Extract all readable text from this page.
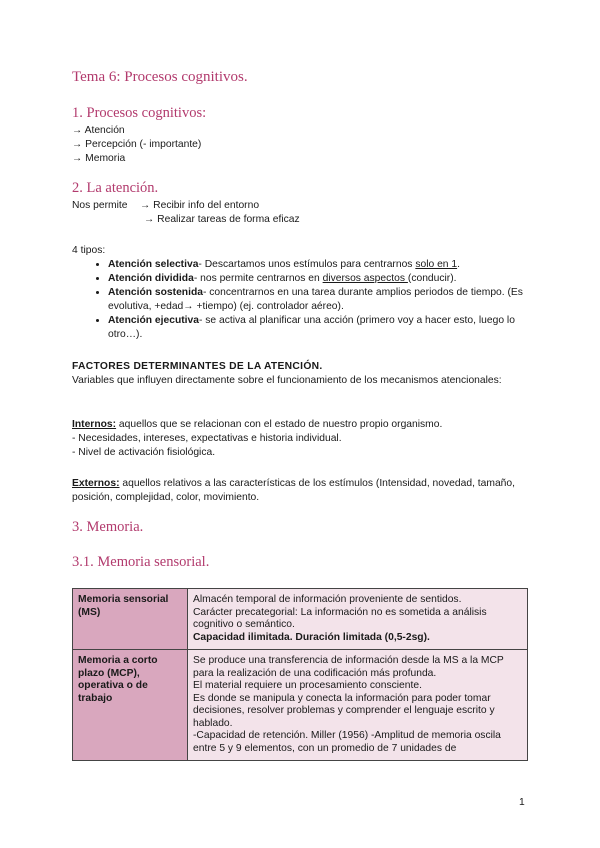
Tema 6: Procesos cognitivos.
1. Procesos cognitivos:
→ Atención
→ Percepción (- importante)
→ Memoria
2. La atención.
Nos permite → Recibir info del entorno
→ Realizar tareas de forma eficaz
4 tipos:
• Atención selectiva- Descartamos unos estímulos para centrarnos solo en 1.
• Atención dividida- nos permite centrarnos en diversos aspectos (conducir).
• Atención sostenida- concentrarnos en una tarea durante amplios periodos de tiempo. (Es evolutiva, +edad→ +tiempo) (ej. controlador aéreo).
• Atención ejecutiva- se activa al planificar una acción (primero voy a hacer esto, luego lo otro…).
FACTORES DETERMINANTES DE LA ATENCIÓN.
Variables que influyen directamente sobre el funcionamiento de los mecanismos atencionales:
Internos: aquellos que se relacionan con el estado de nuestro propio organismo.
- Necesidades, intereses, expectativas e historia individual.
- Nivel de activación fisiológica.
Externos: aquellos relativos a las características de los estímulos (Intensidad, novedad, tamaño, posición, complejidad, color, movimiento.
3. Memoria.
3.1. Memoria sensorial.
Memoria sensorial (MS)	Almacén temporal de información proveniente de sentidos.
Carácter precategorial: La información no es sometida a análisis cognitivo o semántico.
Capacidad ilimitada. Duración limitada (0,5-2sg).

Memoria a corto plazo (MCP), operativa o de trabajo	Se produce una transferencia de información desde la MS a la MCP para la realización de una codificación más profunda.
El material requiere un procesamiento consciente.
Es donde se manipula y conecta la información para poder tomar decisiones, resolver problemas y comprender el lenguaje escrito y hablado.
-Capacidad de retención. Miller (1956) -Amplitud de memoria oscila entre 5 y 9 elementos, con un promedio de 7 unidades de
1
